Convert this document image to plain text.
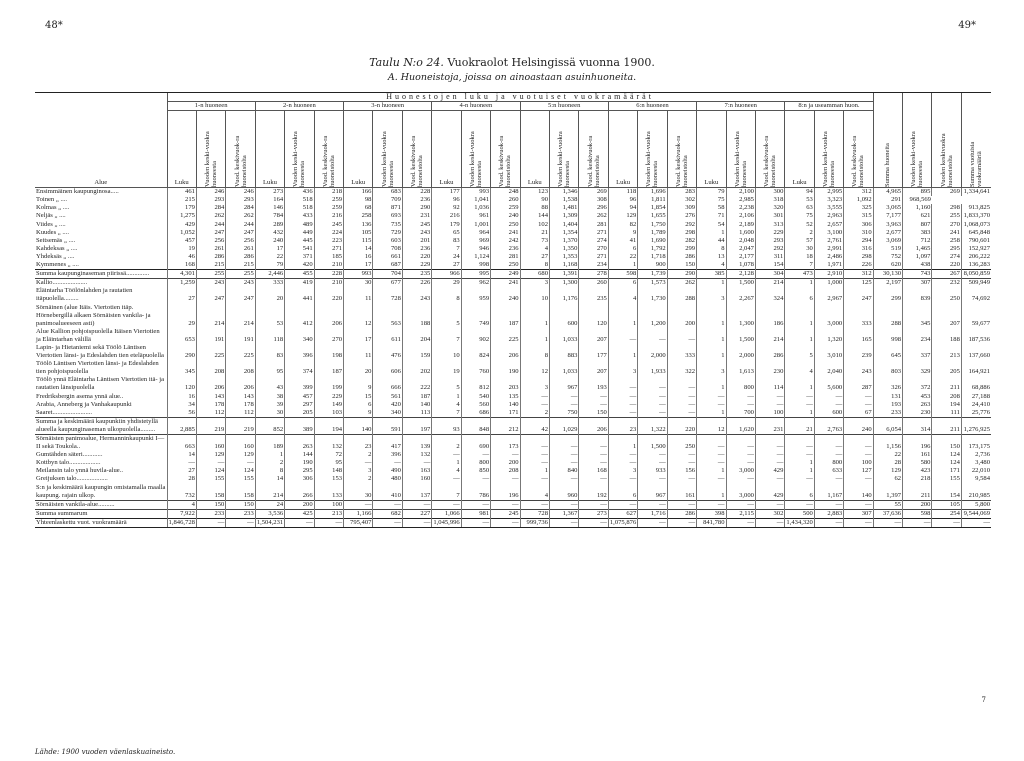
48*	49*
Taulu N:o 24. Vuokraolot Helsingissä vuonna 1900.
A. Huoneistoja, joissa on ainoastaan asuinhuoneita.
Alue	Huonestojen luku ja vuotuiset vuokramäärät																								Summa huoneita	Vuoden keski-vuokra huoneesta	Vuoden keskivuokra huoneistolta	Summa vuotuisia vuokramääriä

	1-n huoneen			2-n huoneen			3-n huoneen			4-n huoneen			5:n huoneen			6:n huoneen			7:n huoneen			8:n ja useamman huon.						
	Luku	Vuoden keski-vuokra huoneesta	Vuod. keskivuok-ra huoneistolta	Luku	Vuoden keski-vuokra huoneesta	Vuod. keskivuok-ra huoneistolta	Luku	Vuoden keski-vuokra huoneesta	Vuod. keskivuok-ra huoneistolta	Luku	Vuoden keski-vuokra huoneesta	Vuod. keskivuok-ra huoneistolta	Luku	Vuoden keski-vuokra huoneesta	Vuod. keskivuok-ra huoneistolta	Luku	Vuoden keski-vuokra huoneesta	Vuod. keskivuok-ra huoneistolta	Luku	Vuoden keski-vuokra huoneesta	Vuod. keskivuok-ra huoneistolta	Luku	Vuoden keski-vuokra huoneesta	Vuod. keskivuok-ra huoneistolta				

Ensimmäinen kaupunginosa.....	461	246	246	273	436	218	166	683	228	177	993	248	123	1,346	269	118	1,696	283	79	2,100	300	94	2,995	312	4,965	895	269	1,334,641
Toinen „ ....	215	293	293	164	518	259	98	709	236	96	1,041	260	90	1,538	308	96	1,811	302	75	2,985	318	53	3,323	1,092	291	968,569		
Kolmas „ ....	179	284	284	146	518	259	68	871	290	92	1,036	259	88	1,481	296	94	1,854	309	58	2,238	320	63	3,555	325	3,065	1,160	298	913,825
Neljäs „ ....	1,275	262	262	784	433	216	258	693	231	216	961	240	144	1,309	262	129	1,655	276	71	2,106	301	75	2,963	315	7,177	621	255	1,833,370
Viides „ ....	429	244	244	289	489	245	136	735	245	179	1,001	250	102	1,404	281	82	1,750	292	54	2,189	313	52	2,657	306	3,963	807	270	1,068,073
Kuudes „ ....	1,052	247	247	432	449	224	105	729	243	65	964	241	21	1,354	271	9	1,789	298	1	1,600	229	2	3,100	310	2,677	383	241	645,848
Seitsemäs „ ....	457	256	256	240	445	223	115	603	201	83	969	242	73	1,370	274	41	1,690	282	44	2,048	293	57	2,761	294	3,069	712	258	790,601
Kahdeksas „ ....	19	261	261	17	541	271	14	708	236	7	946	236	4	1,350	270	6	1,792	299	8	2,047	292	30	2,991	316	519	1,465	295	152,927
Yhdeksäs „ ....	46	286	286	22	371	185	16	661	220	24	1,124	281	27	1,353	271	22	1,718	286	13	2,177	311	18	2,486	298	752	1,097	274	206,222
Kymmenes „ ....	168	215	215	79	420	210	17	687	229	27	998	250	8	1,168	234	1	900	150	4	1,078	154	7	1,971	226	620	438	220	136,283
Summa kaupunginaseman piirissä..............	4,301	255	255	2,446	455	228	993	704	235	966	995	249	680	1,391	278	598	1,739	290	385	2,128	304	473	2,910	312	30,130	743	267	8,050,859
Kallio.....................	1,259	243	243	333	419	210	30	677	226	29	962	241	3	1,300	260	6	1,573	262	1	1,500	214	1	1,000	125	2,197	307	232	509,949
Eläintarha Töölönlahden ja rautatien itäpuolella.........	27	247	247	20	441	220	11	728	243	8	959	240	10	1,176	235	4	1,730	288	3	2,267	324	6	2,967	247	299	839	250	74,692
Sörnäinen (alue Itäis. Viertotien itäp.																												
Hörnebergillä alkaen Sörnäisten vankila- ja panimoalueeseen asti)	29	214	214	53	412	206	12	563	188	5	749	187	1	600	120	1	1,200	200	1	1,300	186	1	3,000	333	288	345	207	59,677
Alue Kallion pohjoispuolella Itäisen Viertotien ja Eläintarhan välillä	653	191	191	118	340	270	17	611	204	7	902	225	1	1,033	207	—	—	—	1	1,500	214	1	1,320	165	998	234	188	187,536
Lapin- ja Hietaniemi sekä Töölö Läntisen Viertotien länsi- ja Edeslahden tien eteläpuolella	290	225	225	83	396	198	11	476	159	10	824	206	8	883	177	1	2,000	333	1	2,000	286	5	3,010	239	645	337	213	137,660
Töölö Läntisen Viertotien länsi- ja Edeslahden tien pohjoispuolella	345	208	208	95	374	187	20	606	202	19	760	190	12	1,033	207	3	1,933	322	3	1,613	230	4	2,040	243	803	329	205	164,921
Töölö ynnä Eläintarha Läntisen Viertotien itä- ja rautatien länsipuolella	120	206	206	43	399	199	9	666	222	5	812	203	3	967	193	—	—	—	1	800	114	1	5,600	287	326	372	211	68,886
Fredriksbergin asema ynnä alue..	16	143	143	38	457	229	15	561	187	1	540	135	—	—	—	—	—	—	—	—	—	—	—	—	131	453	208	27,188
Arabia, Anneberg ja Vanhakaupunki	34	178	178	39	297	149	6	420	140	4	560	140	—	—	—	—	—	—	—	—	—	—	—	—	193	263	194	24,410
Saaret........................	56	112	112	30	205	103	9	340	113	7	686	171	2	750	150	—	—	—	1	700	100	1	600	67	233	230	111	25,776
Summa ja keskimäärä kaupunkiin yhdistetyllä alueella kaupunginaseman ulkopuolella.........	2,885	219	219	852	389	194	140	591	197	93	848	212	42	1,029	206	23	1,322	220	12	1,620	231	21	2,763	240	6,054	314	211	1,276,925
Sörnäisten panimoalue, Hermanninkaupunki I—II sekä Toukola..	663	160	160	189	263	132	23	417	139	2	690	173	—	—	—	1	1,500	250	—	—	—	—	—	—	1,156	196	150	173,175
Gumtähden säteri............	14	129	129	1	144	72	2	396	132	—	—	—	—	—	—	—	—	—	—	—	—	—	—	—	22	161	124	2,736
Kottbyn talo...................	—	—	—	2	190	95	—	—	—	1	800	200	—	—	—	—	—	—	—	—	—	1	800	100	28	580	124	3,480
Meilansin talo ynnä huvila-alue..	27	124	124	8	295	148	3	490	163	4	850	208	1	840	168	3	933	156	1	3,000	429	1	633	127	129	423	171	22,010
Greijuksen talo...................	28	155	155	14	306	153	2	480	160	—	—	—	—	—	—	—	—	—	—	—	—	—	—	—	62	218	155	9,584
S:n ja keskimäärä kaupungin omistamalla maalla kaupung. rajain ulkop.	732	158	158	214	266	133	30	410	137	7	786	196	4	960	192	6	967	161	1	3,000	429	6	1,167	140	1,397	211	154	210,985
Sörnäisten vankila-alue..........	4	150	150	24	200	100	—	—	—	—	—	—	—	—	—	—	—	—	—	—	—	—	—	—	55	200	105	5,800
Summa summarum	7,922	233	233	3,536	425	213	1,166	682	227	1,066	981	245	728	1,367	273	627	1,716	286	398	2,115	302	500	2,883	307	37,636	598	254	9,544,069
Yhteenlaskettu vuot. vuokramäärä	1,846,728	—	—	1,504,231	—	—	795,407	—	—	1,045,996	—	—	999,736	—	—	1,075,876	—	—	841,780	—	—	1,434,320	—	—	—	—	—	—
7
Lähde: 1900 vuoden väenlaskuaineisto.
